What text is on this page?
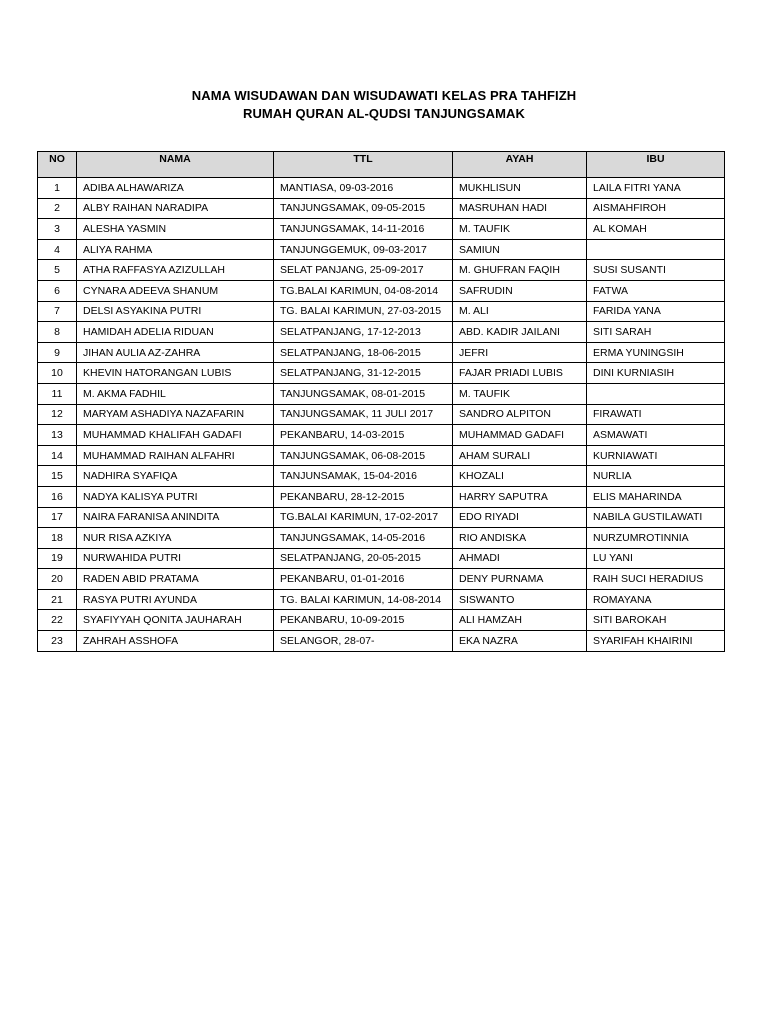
NAMA WISUDAWAN DAN WISUDAWATI KELAS PRA TAHFIZH
RUMAH QURAN AL-QUDSI TANJUNGSAMAK
NO	NAMA	TTL	AYAH	IBU
1	ADIBA ALHAWARIZA	MANTIASA, 09-03-2016	MUKHLISUN	LAILA FITRI YANA
2	ALBY RAIHAN NARADIPA	TANJUNGSAMAK, 09-05-2015	MASRUHAN HADI	AISMAHFIROH
3	ALESHA YASMIN	TANJUNGSAMAK, 14-11-2016	M. TAUFIK	AL KOMAH
4	ALIYA RAHMA	TANJUNGGEMUK, 09-03-2017	SAMIUN	
5	ATHA RAFFASYA AZIZULLAH	SELAT PANJANG, 25-09-2017	M. GHUFRAN FAQIH	SUSI SUSANTI
6	CYNARA ADEEVA SHANUM	TG.BALAI KARIMUN, 04-08-2014	SAFRUDIN	FATWA
7	DELSI ASYAKINA PUTRI	TG. BALAI KARIMUN, 27-03-2015	M. ALI	FARIDA YANA
8	HAMIDAH ADELIA RIDUAN	SELATPANJANG, 17-12-2013	ABD. KADIR JAILANI	SITI SARAH
9	JIHAN AULIA AZ-ZAHRA	SELATPANJANG, 18-06-2015	JEFRI	ERMA YUNINGSIH
10	KHEVIN HATORANGAN LUBIS	SELATPANJANG, 31-12-2015	FAJAR PRIADI LUBIS	DINI KURNIASIH
11	M. AKMA FADHIL	TANJUNGSAMAK, 08-01-2015	M. TAUFIK	
12	MARYAM ASHADIYA NAZAFARIN	TANJUNGSAMAK, 11 JULI 2017	SANDRO ALPITON	FIRAWATI
13	MUHAMMAD KHALIFAH GADAFI	PEKANBARU, 14-03-2015	MUHAMMAD GADAFI	ASMAWATI
14	MUHAMMAD RAIHAN ALFAHRI	TANJUNGSAMAK, 06-08-2015	AHAM SURALI	KURNIAWATI
15	NADHIRA SYAFIQA	TANJUNSAMAK, 15-04-2016	KHOZALI	NURLIA
16	NADYA KALISYA PUTRI	PEKANBARU, 28-12-2015	HARRY SAPUTRA	ELIS MAHARINDA
17	NAIRA FARANISA ANINDITA	TG.BALAI KARIMUN, 17-02-2017	EDO RIYADI	NABILA GUSTILAWATI
18	NUR RISA AZKIYA	TANJUNGSAMAK, 14-05-2016	RIO ANDISKA	NURZUMROTINNIA
19	NURWAHIDA PUTRI	SELATPANJANG, 20-05-2015	AHMADI	LU YANI
20	RADEN ABID PRATAMA	PEKANBARU, 01-01-2016	DENY PURNAMA	RAIH SUCI HERADIUS
21	RASYA PUTRI AYUNDA	TG. BALAI KARIMUN, 14-08-2014	SISWANTO	ROMAYANA
22	SYAFIYYAH QONITA JAUHARAH	PEKANBARU, 10-09-2015	ALI HAMZAH	SITI BAROKAH
23	ZAHRAH ASSHOFA	SELANGOR, 28-07-	EKA NAZRA	SYARIFAH KHAIRINI
